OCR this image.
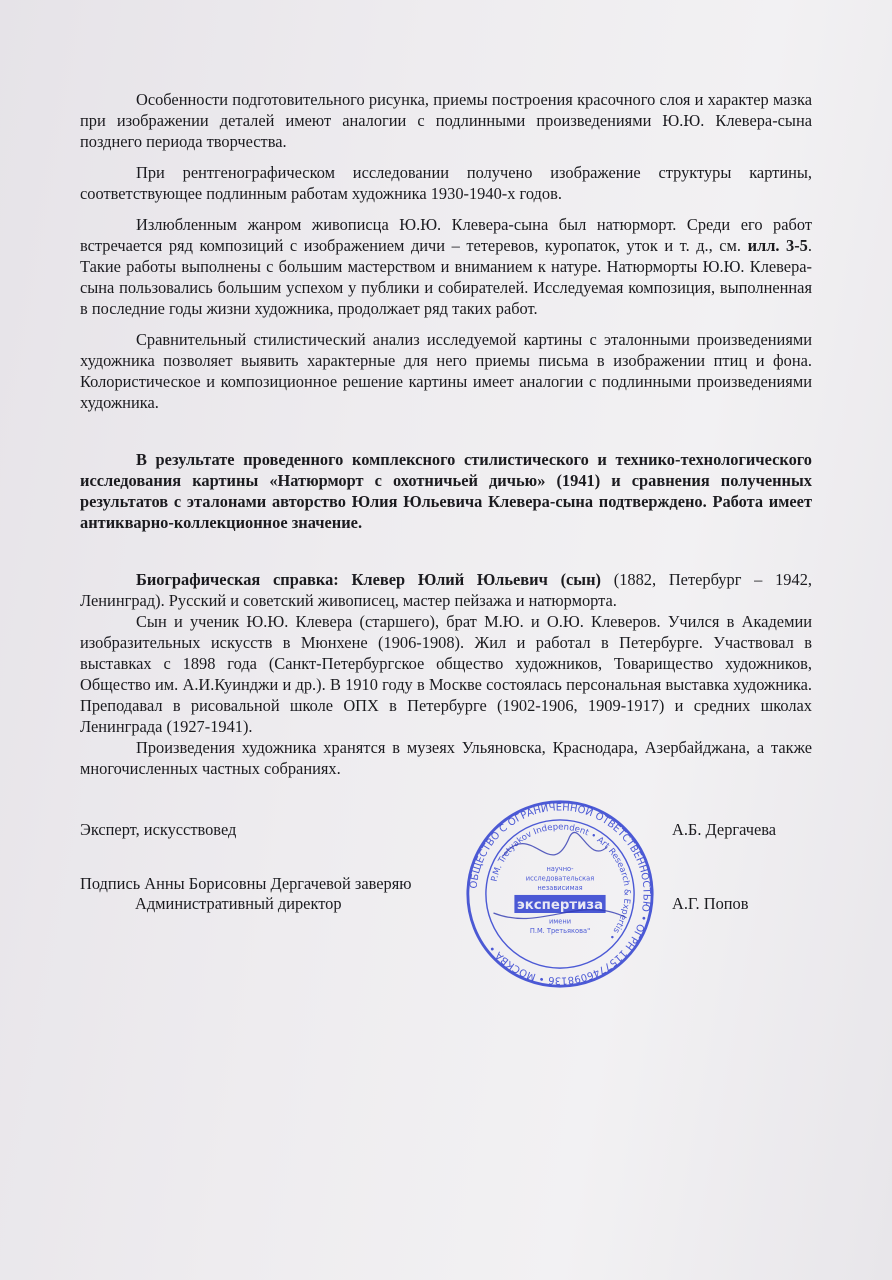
Особенности подготовительного рисунка, приемы построения красочного слоя и характер мазка при изображении деталей имеют аналогии с подлинными произведениями Ю.Ю. Клевера-сына позднего периода творчества.

При рентгенографическом исследовании получено изображение структуры картины, соответствующее подлинным работам художника 1930-1940-х годов.

Излюбленным жанром живописца Ю.Ю. Клевера-сына был натюрморт. Среди его работ встречается ряд композиций с изображением дичи – тетеревов, куропаток, уток и т. д., см. илл. 3-5. Такие работы выполнены с большим мастерством и вниманием к натуре. Натюрморты Ю.Ю. Клевера-сына пользовались большим успехом у публики и собирателей. Исследуемая композиция, выполненная в последние годы жизни художника, продолжает ряд таких работ.

Сравнительный стилистический анализ исследуемой картины с эталонными произведениями художника позволяет выявить характерные для него приемы письма в изображении птиц и фона. Колористическое и композиционное решение картины имеет аналогии с подлинными произведениями художника.

В результате проведенного комплексного стилистического и технико-технологического исследования картины «Натюрморт с охотничьей дичью» (1941) и сравнения полученных результатов с эталонами авторство Юлия Юльевича Клевера-сына подтверждено. Работа имеет антикварно-коллекционное значение.

Биографическая справка: Клевер Юлий Юльевич (сын) (1882, Петербург – 1942, Ленинград). Русский и советский живописец, мастер пейзажа и натюрморта.

Сын и ученик Ю.Ю. Клевера (старшего), брат М.Ю. и О.Ю. Клеверов. Учился в Академии изобразительных искусств в Мюнхене (1906-1908). Жил и работал в Петербурге. Участвовал в выставках с 1898 года (Санкт-Петербургское общество художников, Товарищество художников, Общество им. А.И.Куинджи и др.). В 1910 году в Москве состоялась персональная выставка художника. Преподавал в рисовальной школе ОПХ в Петербурге (1902-1906, 1909-1917) и средних школах Ленинграда (1927-1941).

Произведения художника хранятся в музеях Ульяновска, Краснодара, Азербайджана, а также многочисленных частных собраниях.

Эксперт, искусствовед
Подпись Анны Борисовны Дергачевой заверяю
Административный директор
ОБЩЕСТВО С ОГРАНИЧЕННОЙ ОТВЕТСТВЕННОСТЬЮ • ОГРН 1157746098136 • МОСКВА •
P.M. Tretyakov Independent • Art Research & Expertis •
научно-
исследовательская
независимая
экспертиза
имени
П.М. Третьякова"
А.Б. Дергачева
А.Г. Попов
